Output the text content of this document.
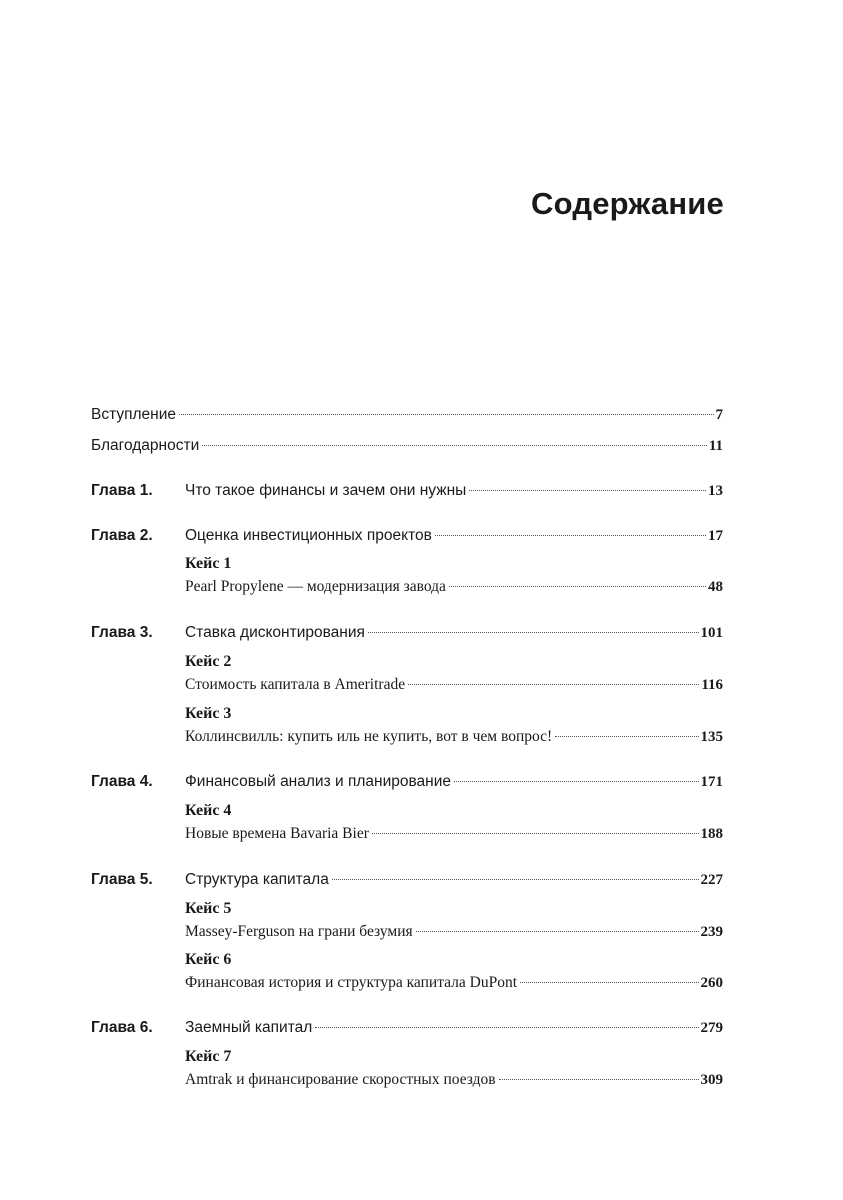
Содержание
Вступление	7
Благодарности	11
Глава 1. Что такое финансы и зачем они нужны	13
Глава 2. Оценка инвестиционных проектов	17
Кейс 1
Pearl Propylene — модернизация завода	48
Глава 3. Ставка дисконтирования	101
Кейс 2
Стоимость капитала в Ameritrade	116
Кейс 3
Коллинсвилль: купить иль не купить, вот в чем вопрос!	135
Глава 4. Финансовый анализ и планирование	171
Кейс 4
Новые времена Bavaria Bier	188
Глава 5. Структура капитала	227
Кейс 5
Massey-Ferguson на грани безумия	239
Кейс 6
Финансовая история и структура капитала DuPont	260
Глава 6. Заемный капитал	279
Кейс 7
Amtrak и финансирование скоростных поездов	309
